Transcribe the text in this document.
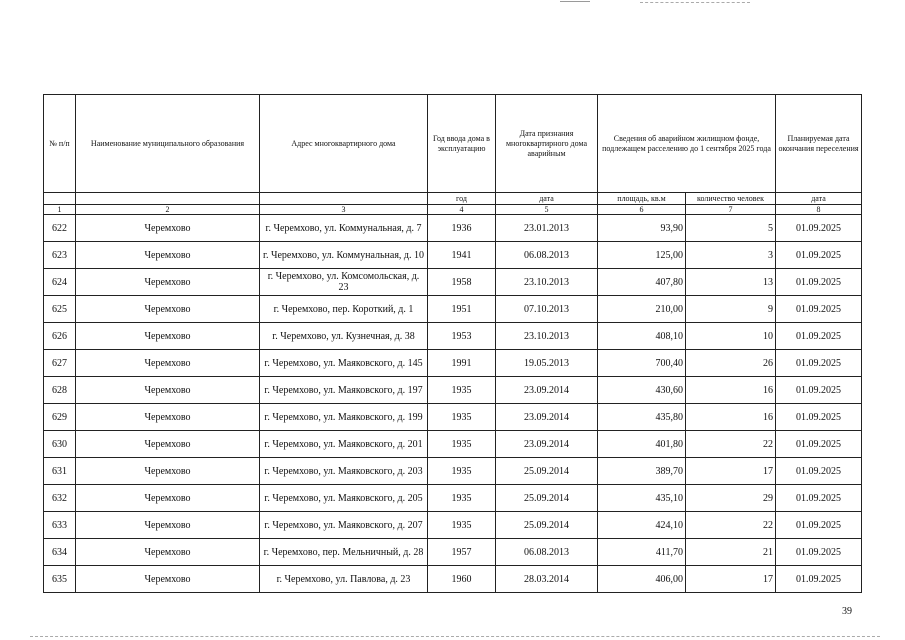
№ п/п	Наименование муниципального образования	Адрес многоквартирного дома	Год ввода дома в эксплуатацию	Дата признания многоквартирного дома аварийным	Сведения об аварийном жилищном фонде, подлежащем расселению до 1 сентября 2025 года		Планируемая дата окончания переселения
			год	дата	площадь, кв.м	количество человек	дата
1	2	3	4	5	6	7	8
622	Черемхово	г. Черемхово, ул. Коммунальная, д. 7	1936	23.01.2013	93,90	5	01.09.2025
623	Черемхово	г. Черемхово, ул. Коммунальная, д. 10	1941	06.08.2013	125,00	3	01.09.2025
624	Черемхово	г. Черемхово, ул. Комсомольская, д. 23	1958	23.10.2013	407,80	13	01.09.2025
625	Черемхово	г. Черемхово, пер. Короткий, д. 1	1951	07.10.2013	210,00	9	01.09.2025
626	Черемхово	г. Черемхово, ул. Кузнечная, д. 38	1953	23.10.2013	408,10	10	01.09.2025
627	Черемхово	г. Черемхово, ул. Маяковского, д. 145	1991	19.05.2013	700,40	26	01.09.2025
628	Черемхово	г. Черемхово, ул. Маяковского, д. 197	1935	23.09.2014	430,60	16	01.09.2025
629	Черемхово	г. Черемхово, ул. Маяковского, д. 199	1935	23.09.2014	435,80	16	01.09.2025
630	Черемхово	г. Черемхово, ул. Маяковского, д. 201	1935	23.09.2014	401,80	22	01.09.2025
631	Черемхово	г. Черемхово, ул. Маяковского, д. 203	1935	25.09.2014	389,70	17	01.09.2025
632	Черемхово	г. Черемхово, ул. Маяковского, д. 205	1935	25.09.2014	435,10	29	01.09.2025
633	Черемхово	г. Черемхово, ул. Маяковского, д. 207	1935	25.09.2014	424,10	22	01.09.2025
634	Черемхово	г. Черемхово, пер. Мельничный, д. 28	1957	06.08.2013	411,70	21	01.09.2025
635	Черемхово	г. Черемхово, ул. Павлова, д. 23	1960	28.03.2014	406,00	17	01.09.2025
39
